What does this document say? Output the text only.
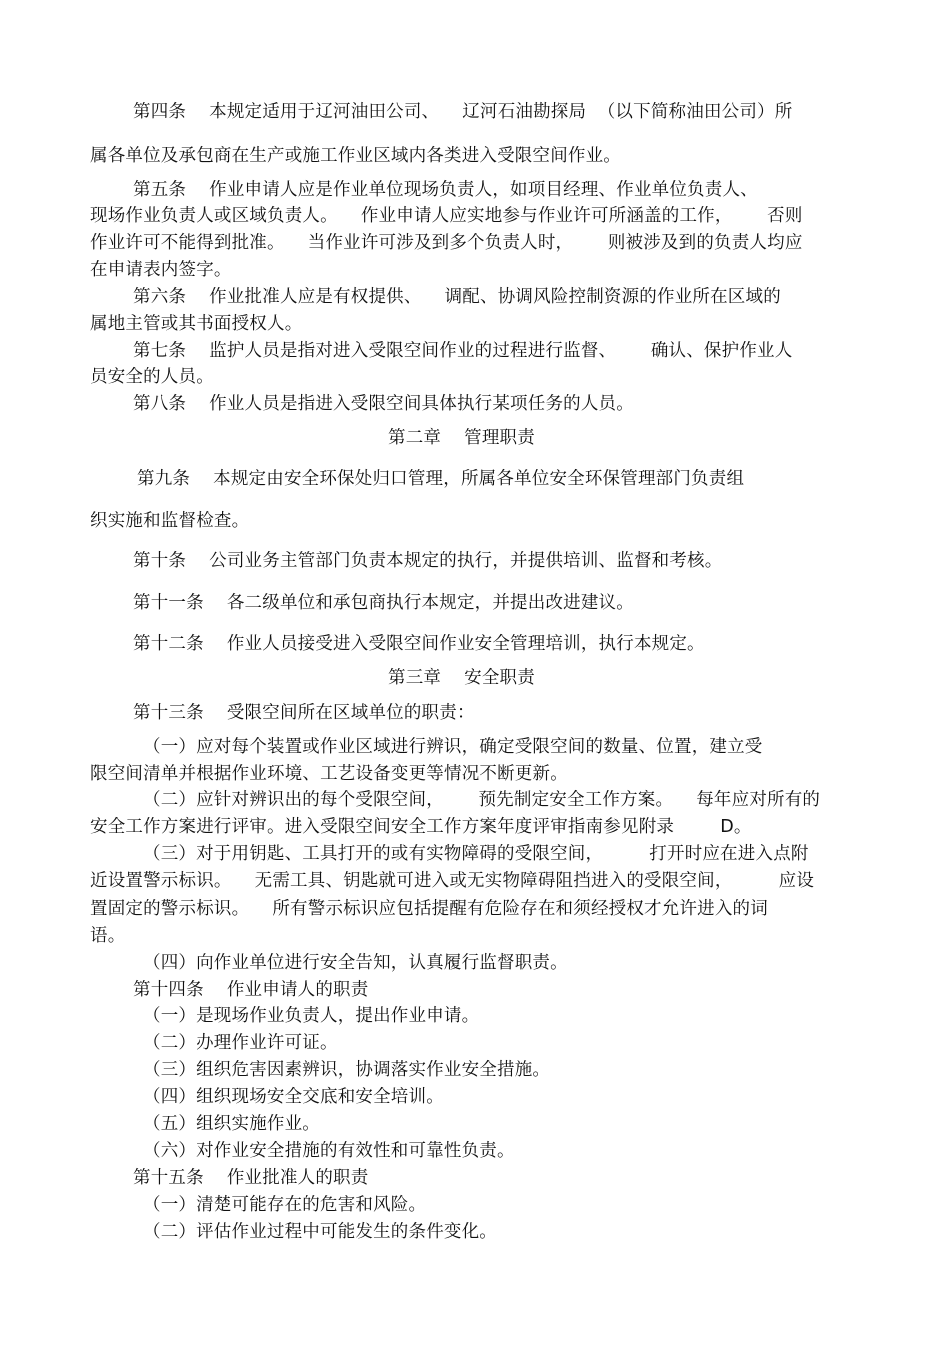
第四条    本规定适用于辽河油田公司、    辽河石油勘探局  （以下简称油田公司）所

属各单位及承包商在生产或施工作业区域内各类进入受限空间作业。

第五条    作业申请人应是作业单位现场负责人，如项目经理、作业单位负责人、

现场作业负责人或区域负责人。    作业申请人应实地参与作业许可所涵盖的工作，      否则

作业许可不能得到批准。    当作业许可涉及到多个负责人时，      则被涉及到的负责人均应

在申请表内签字。

第六条    作业批准人应是有权提供、    调配、协调风险控制资源的作业所在区域的

属地主管或其书面授权人。

第七条    监护人员是指对进入受限空间作业的过程进行监督、      确认、保护作业人

员安全的人员。

第八条    作业人员是指进入受限空间具体执行某项任务的人员。

第二章    管理职责

第九条    本规定由安全环保处归口管理，所属各单位安全环保管理部门负责组

织实施和监督检查。

第十条    公司业务主管部门负责本规定的执行，并提供培训、监督和考核。

第十一条    各二级单位和承包商执行本规定，并提出改进建议。

第十二条    作业人员接受进入受限空间作业安全管理培训，执行本规定。

第三章    安全职责

第十三条    受限空间所在区域单位的职责：

（一）应对每个装置或作业区域进行辨识，确定受限空间的数量、位置，建立受

限空间清单并根据作业环境、工艺设备变更等情况不断更新。

（二）应针对辨识出的每个受限空间，      预先制定安全工作方案。    每年应对所有的

安全工作方案进行评审。进入受限空间安全工作方案年度评审指南参见附录        D。

（三）对于用钥匙、工具打开的或有实物障碍的受限空间，        打开时应在进入点附

近设置警示标识。    无需工具、钥匙就可进入或无实物障碍阻挡进入的受限空间，        应设

置固定的警示标识。    所有警示标识应包括提醒有危险存在和须经授权才允许进入的词

语。

（四）向作业单位进行安全告知，认真履行监督职责。

第十四条    作业申请人的职责

（一）是现场作业负责人，提出作业申请。

（二）办理作业许可证。

（三）组织危害因素辨识，协调落实作业安全措施。

（四）组织现场安全交底和安全培训。

（五）组织实施作业。

（六）对作业安全措施的有效性和可靠性负责。

第十五条    作业批准人的职责

（一）清楚可能存在的危害和风险。

（二）评估作业过程中可能发生的条件变化。
